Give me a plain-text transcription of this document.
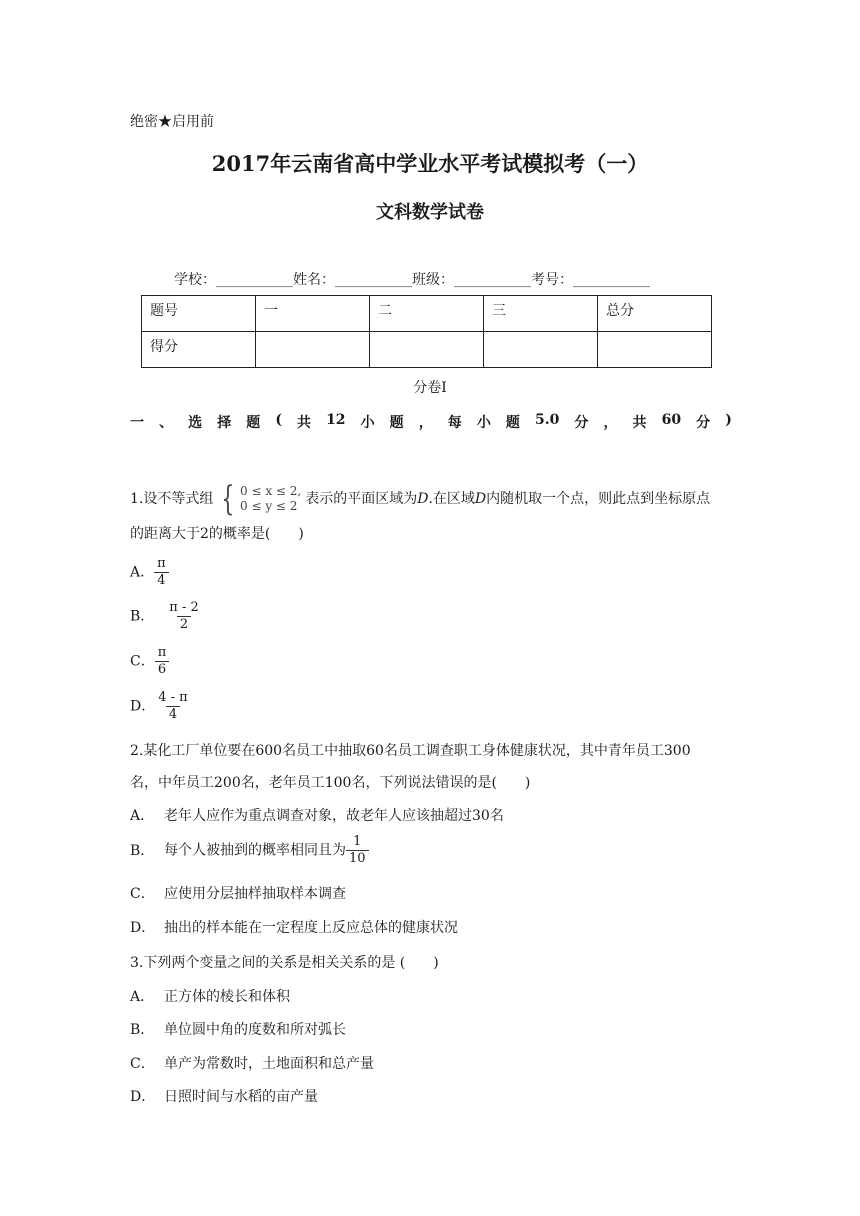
绝密★启用前
2017年云南省高中学业水平考试模拟考（一）
文科数学试卷
学校：___________姓名：___________班级：___________考号：___________
题号	一	二	三	总分
得分				
分卷I
一 、 选 择 题 ( 共 12 小 题 ， 每 小 题 5.0 分 ， 共 60 分 )
1.设不等式组 { 0 ≤ x ≤ 2,
0 ≤ y ≤ 2 表示的平面区域为D.在区域D内随机取一个点，则此点到坐标原点
的距离大于2的概率是(　　)
A． $\frac{\pi}{4}$
B． $\frac{\pi - 2}{2}$
C． $\frac{\pi}{6}$
D． $\frac{4 - \pi}{4}$
2.某化工厂单位要在600名员工中抽取60名员工调查职工身体健康状况，其中青年员工300
名，中年员工200名，老年员工100名，下列说法错误的是(　　)
A． 老年人应作为重点调查对象，故老年人应该抽超过30名
B． 每个人被抽到的概率相同且为 $\frac{1}{10}$
C． 应使用分层抽样抽取样本调查
D． 抽出的样本能在一定程度上反应总体的健康状况
3.下列两个变量之间的关系是相关关系的是 (　　)
A． 正方体的棱长和体积
B． 单位圆中角的度数和所对弧长
C． 单产为常数时，土地面积和总产量
D． 日照时间与水稻的亩产量
